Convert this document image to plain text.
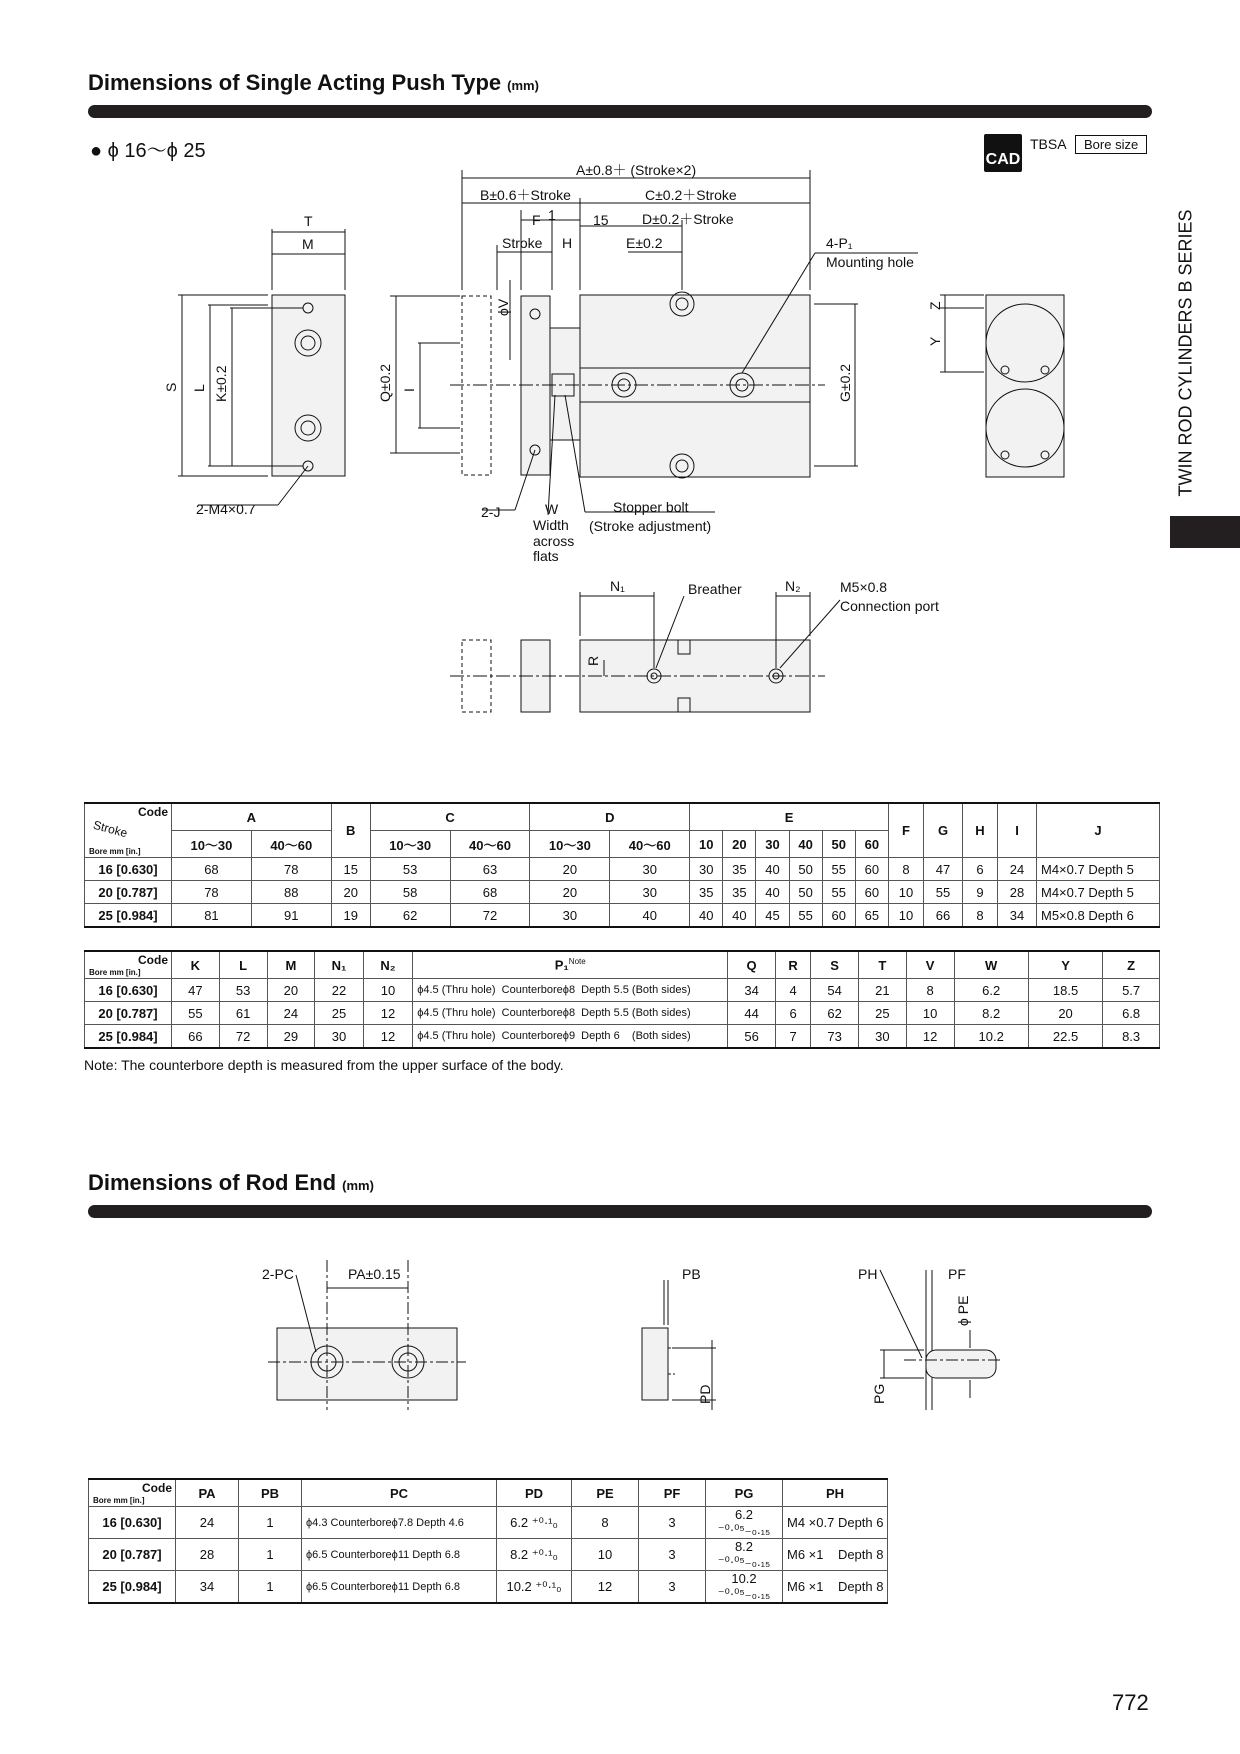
Dimensions of Single Acting Push Type (mm)
● ϕ 16～ϕ 25	CAD
TBSA	Bore size
TWIN ROD CYLINDERS B SERIES
A±0.8＋ (Stroke×2)
B±0.6＋Stroke	C±0.2＋Stroke
F 1	15 D±0.2＋Stroke
Stroke H	E±0.2	4-P₁
Mounting hole
T
M
S L K±0.2	Q±0.2 I
ϕV
G±0.2
Z
Y
2-M4×0.7	2-J	W
Width
across
flats
Stopper bolt
(Stroke adjustment)
N₁	Breather	N₂	M5×0.8
Connection port
R
Code
Stroke
Bore mm [in.]	A		B	C		D		E						F	G	H	I	J
	10～30	40～60		10～30	40～60	10～30	40～60	10	20	30	40	50	60					
16 [0.630]	68	78	15	53	63	20	30	30	35	40	50	55	60	8	47	6	24	M4×0.7 Depth 5
20 [0.787]	78	88	20	58	68	20	30	35	35	40	50	55	60	10	55	9	28	M4×0.7 Depth 5
25 [0.984]	81	91	19	62	72	30	40	40	40	45	55	60	65	10	66	8	34	M5×0.8 Depth 6
Code
Bore mm [in.]	K	L	M	N₁	N₂	P₁$^{Note}$	Q	R	S	T	V	W	Y	Z
16 [0.630]	47	53	20	22	10	ϕ4.5 (Thru hole)  Counterboreϕ8  Depth 5.5 (Both sides)	34	4	54	21	8	6.2	18.5	5.7
20 [0.787]	55	61	24	25	12	ϕ4.5 (Thru hole)  Counterboreϕ8  Depth 5.5 (Both sides)	44	6	62	25	10	8.2	20	6.8
25 [0.984]	66	72	29	30	12	ϕ4.5 (Thru hole)  Counterboreϕ9  Depth 6    (Both sides)	56	7	73	30	12	10.2	22.5	8.3
Note: The counterbore depth is measured from the upper surface of the body.
Dimensions of Rod End (mm)
2-PC	PA±0.15	PB
PD
PH	PF
ϕ PE
PG
Code
Bore mm [in.]	PA	PB	PC	PD	PE	PF	PG	PH
16 [0.630]	24	1	ϕ4.3 Counterboreϕ7.8 Depth 4.6	6.2 ⁺⁰·¹₀	8	3	6.2 ⁻⁰·⁰⁵₋₀.₁₅	M4 ×0.7 Depth 6
20 [0.787]	28	1	ϕ6.5 Counterboreϕ11 Depth 6.8	8.2 ⁺⁰·¹₀	10	3	8.2 ⁻⁰·⁰⁵₋₀.₁₅	M6 ×1    Depth 8
25 [0.984]	34	1	ϕ6.5 Counterboreϕ11 Depth 6.8	10.2 ⁺⁰·¹₀	12	3	10.2 ⁻⁰·⁰⁵₋₀.₁₅	M6 ×1    Depth 8
772
